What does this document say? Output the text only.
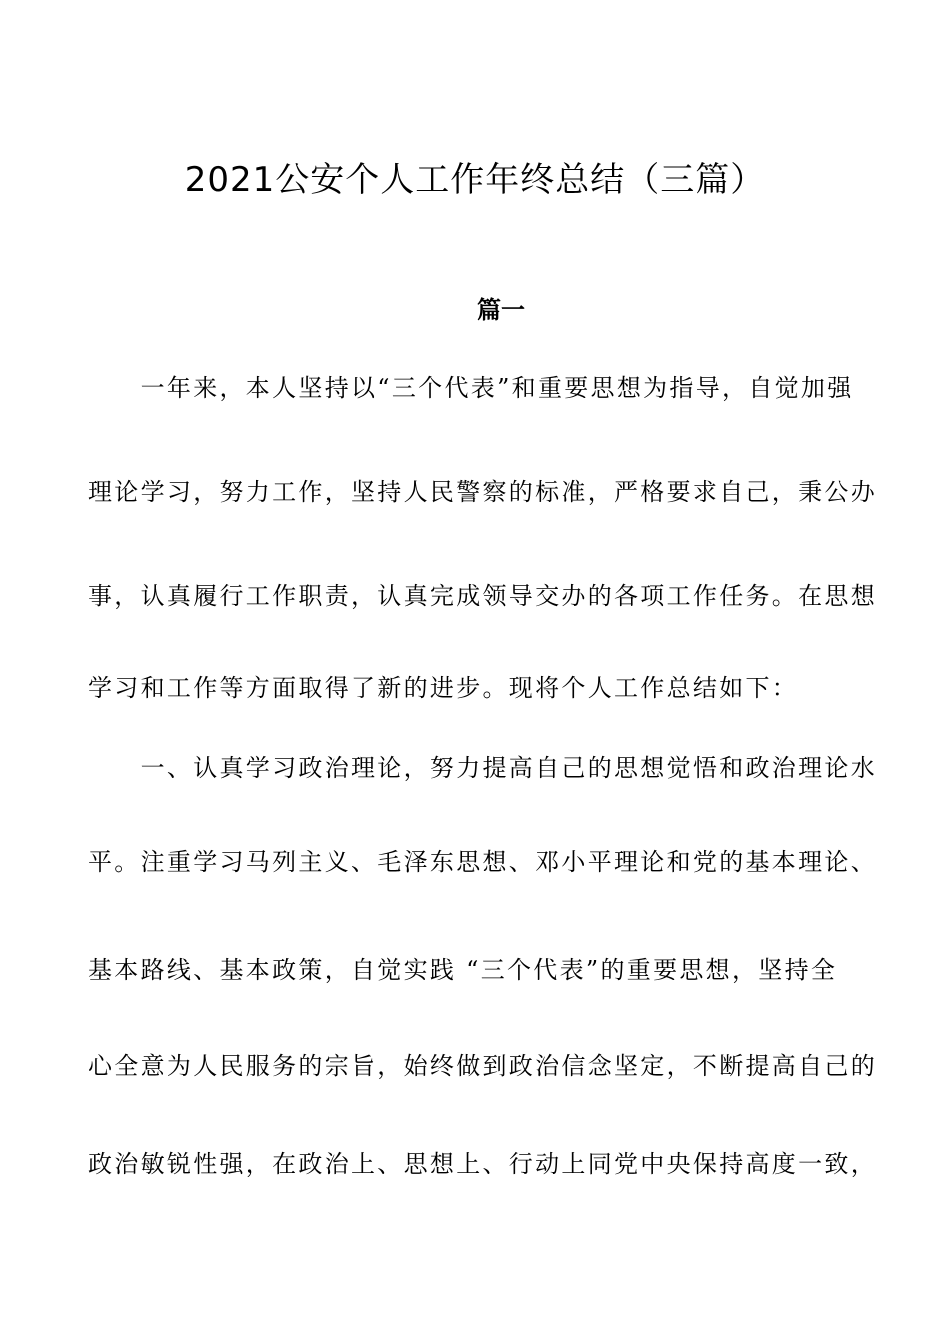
2021公安个人工作年终总结（三篇）
篇一

　　一年来，本人坚持以“三个代表”和重要思想为指导，自觉加强

理论学习，努力工作，坚持人民警察的标准，严格要求自己，秉公办

事，认真履行工作职责，认真完成领导交办的各项工作任务。在思想

学习和工作等方面取得了新的进步。现将个人工作总结如下：

　　一、认真学习政治理论，努力提高自己的思想觉悟和政治理论水

平。注重学习马列主义、毛泽东思想、邓小平理论和党的基本理论、

基本路线、基本政策，自觉实践 “三个代表”的重要思想，坚持全

心全意为人民服务的宗旨，始终做到政治信念坚定，不断提高自己的

政治敏锐性强，在政治上、思想上、行动上同党中央保持高度一致，
